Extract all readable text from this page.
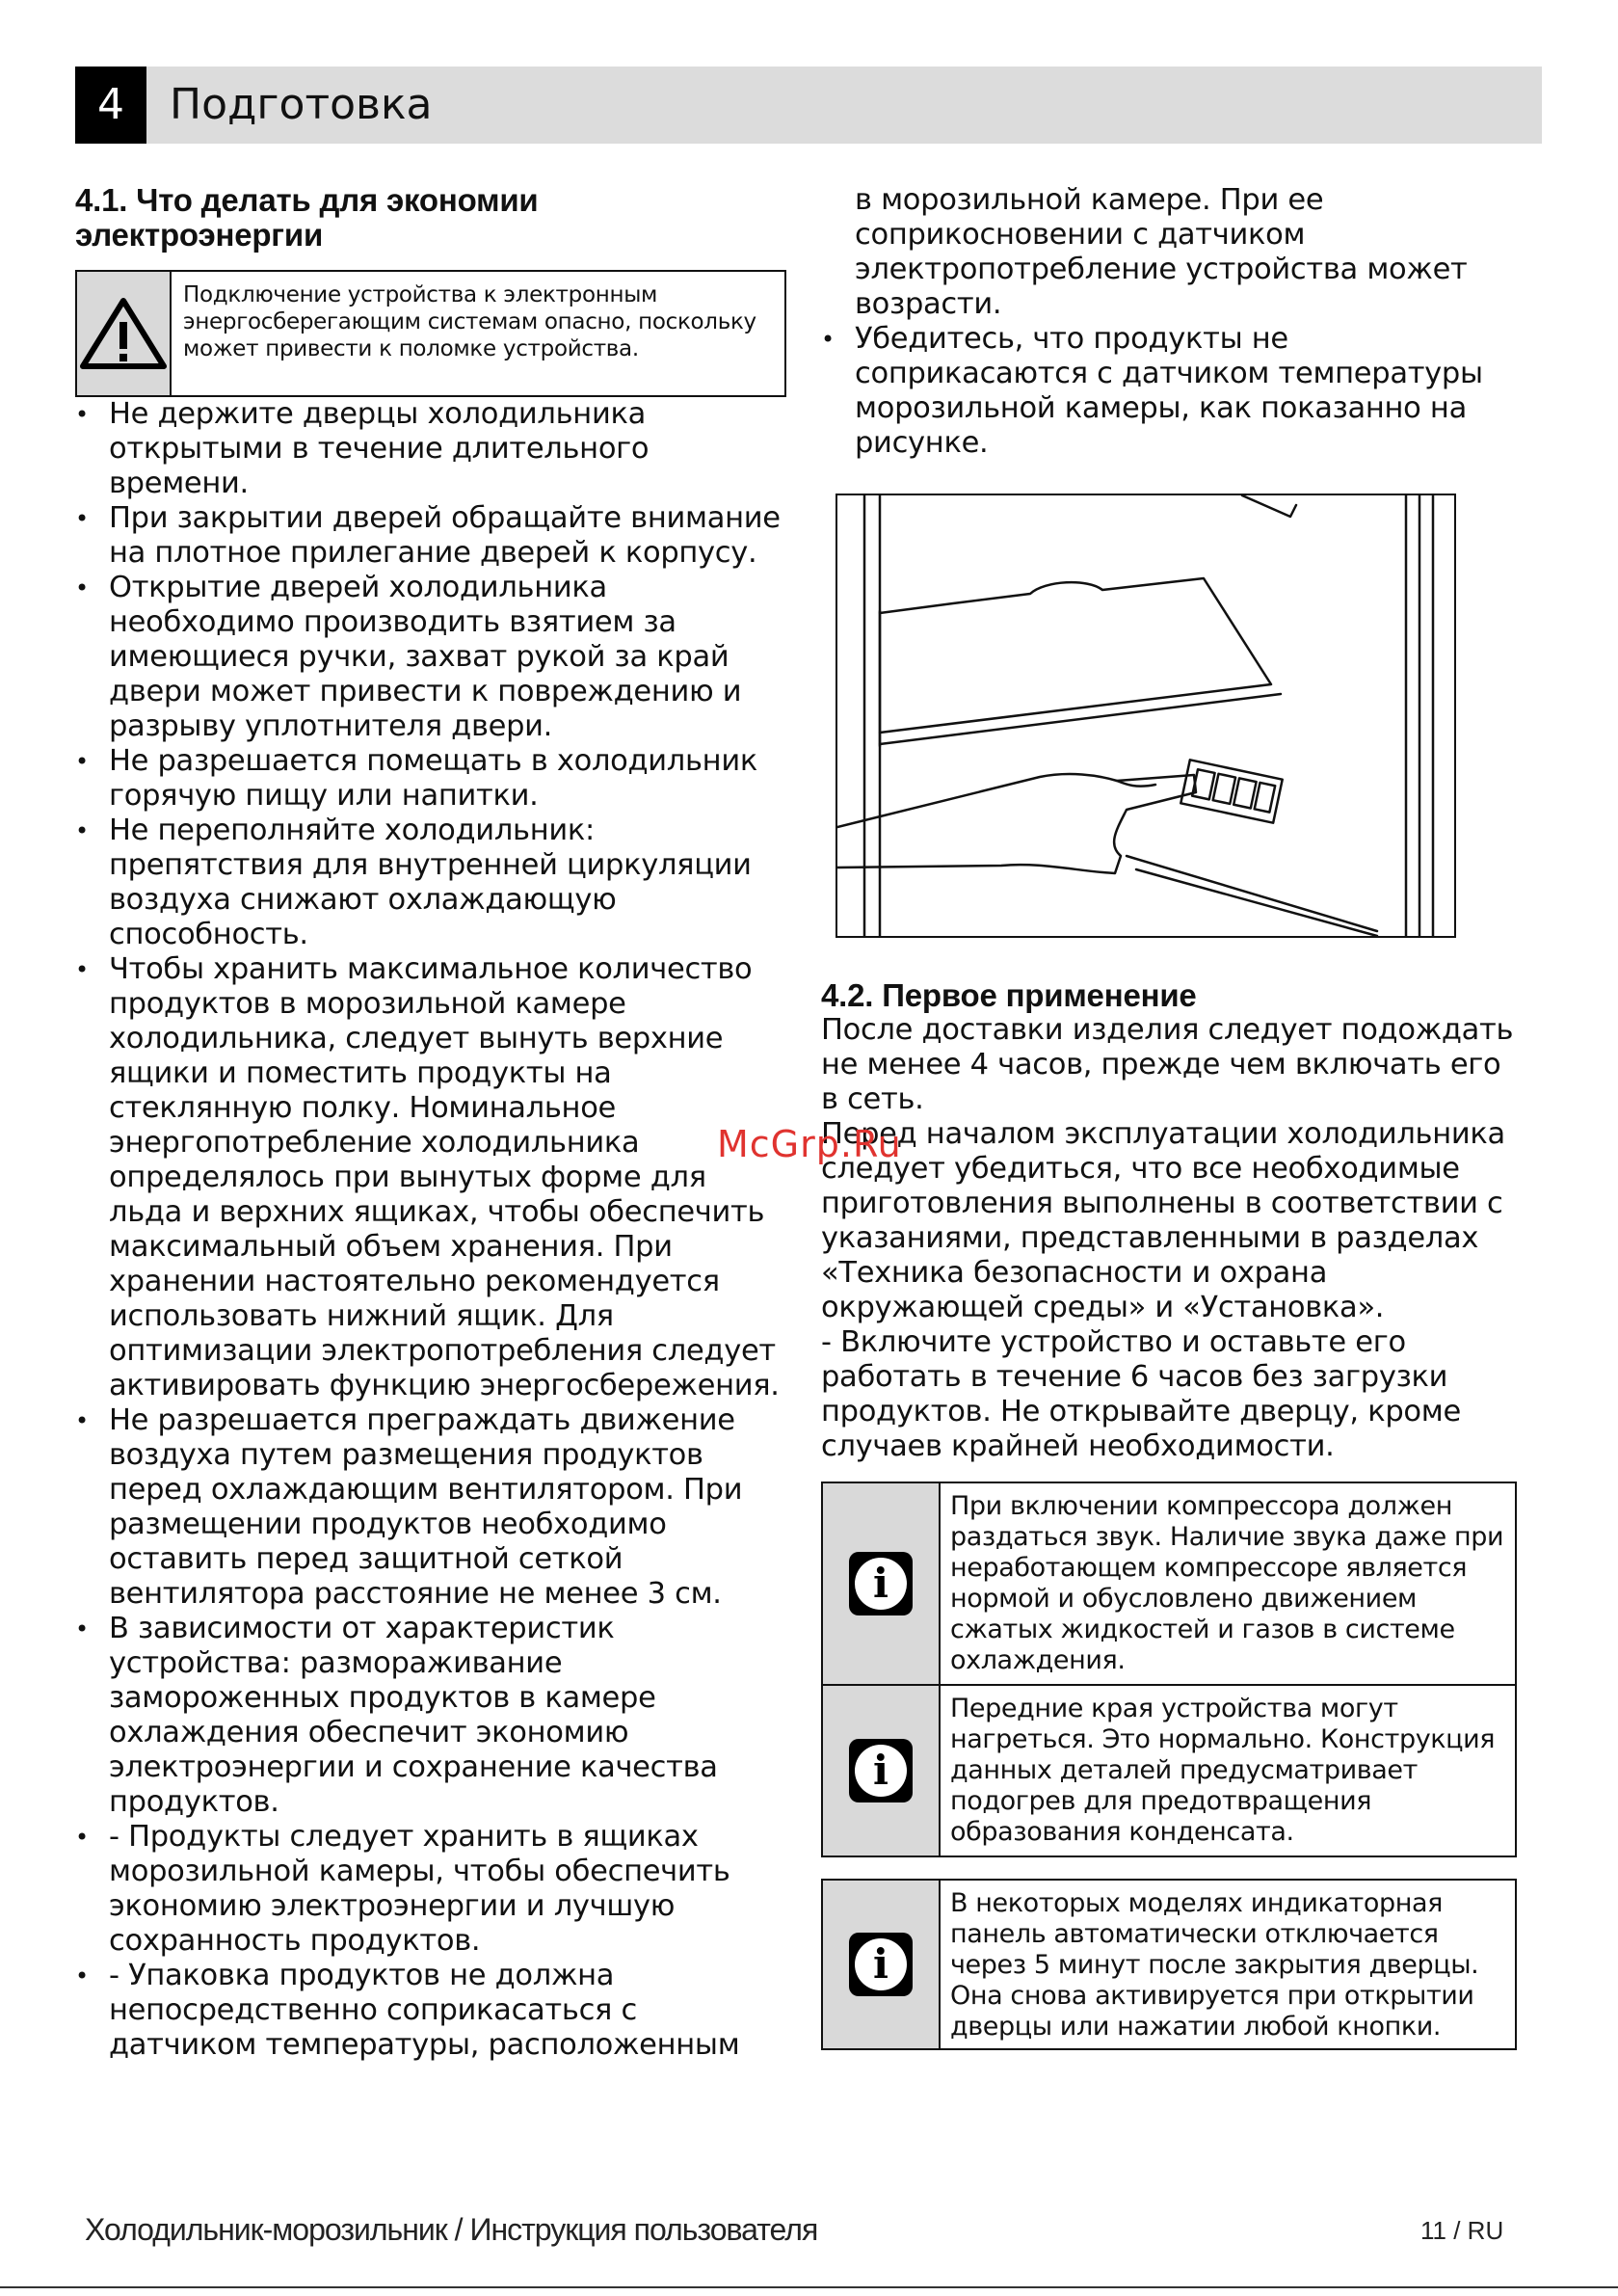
4	Подготовка
4.1. Что делать для экономии электроэнергии
Подключение устройства к электронным энергосберегающим системам опасно, поскольку может привести к поломке устройства.
• Не держите дверцы холодильника открытыми в течение длительного времени.
• При закрытии дверей обращайте внимание на плотное прилегание дверей к корпусу.
• Открытие дверей холодильника необходимо производить взятием за имеющиеся ручки, захват рукой за край двери может привести к повреждению и разрыву уплотнителя двери.
• Не разрешается помещать в холодильник горячую пищу или напитки.
• Не переполняйте холодильник: препятствия для внутренней циркуляции воздуха снижают охлаждающую способность.
• Чтобы хранить максимальное количество продуктов в морозильной камере холодильника, следует вынуть верхние ящики и поместить продукты на стеклянную полку. Номинальное энергопотребление холодильника определялось при вынутых форме для льда и верхних ящиках, чтобы обеспечить максимальный объем хранения. При хранении настоятельно рекомендуется использовать нижний ящик. Для оптимизации электропотребления следует активировать функцию энергосбережения.
• Не разрешается преграждать движение воздуха путем размещения продуктов перед охлаждающим вентилятором. При размещении продуктов необходимо оставить перед защитной сеткой вентилятора расстояние не менее 3 см.
• В зависимости от характеристик устройства: размораживание замороженных продуктов в камере охлаждения обеспечит экономию электроэнергии и сохранение качества продуктов.
• - Продукты следует хранить в ящиках морозильной камеры, чтобы обеспечить экономию электроэнергии и лучшую сохранность продуктов.
• - Упаковка продуктов не должна непосредственно соприкасаться с датчиком температуры, расположенным
в морозильной камере. При ее соприкосновении с датчиком электропотребление устройства может возрасти.
• Убедитесь, что продукты не соприкасаются с датчиком температуры морозильной камеры, как показанно на рисунке.
4.2. Первое применение

После доставки изделия следует подождать не менее 4 часов, прежде чем включать его в сеть.

Перед началом эксплуатации холодильника следует убедиться, что все необходимые приготовления выполнены в соответствии с указаниями, представленными в разделах «Техника безопасности и охрана окружающей среды» и «Установка».

- Включите устройство и оставьте его работать в течение 6 часов без загрузки продуктов. Не открывайте дверцу, кроме случаев крайней необходимости.

i
При включении компрессора должен раздаться звук. Наличие звука даже при неработающем компрессоре является нормой и обусловлено движением сжатых жидкостей и газов в системе охлаждения.
i
Передние края устройства могут нагреться. Это нормально. Конструкция данных деталей предусматривает подогрев для предотвращения образования конденсата.
i
В некоторых моделях индикаторная панель автоматически отключается через 5 минут после закрытия дверцы. Она снова активируется при открытии дверцы или нажатии любой кнопки.
McGrp.Ru
Холодильник-морозильник / Инструкция пользователя	11 / RU
